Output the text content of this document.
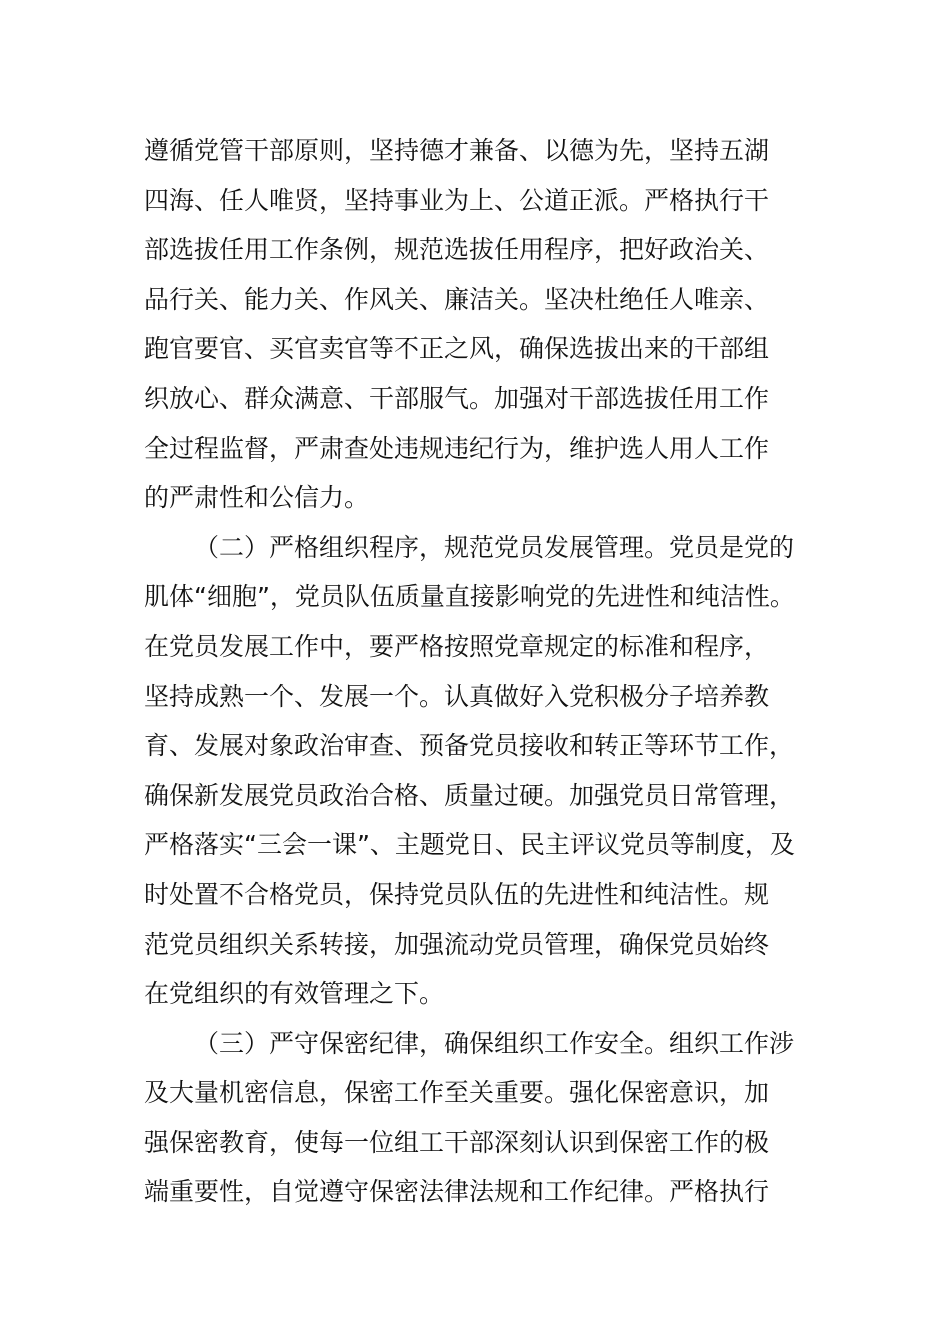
遵循党管干部原则，坚持德才兼备、以德为先，坚持五湖
四海、任人唯贤，坚持事业为上、公道正派。严格执行干
部选拔任用工作条例，规范选拔任用程序，把好政治关、
品行关、能力关、作风关、廉洁关。坚决杜绝任人唯亲、
跑官要官、买官卖官等不正之风，确保选拔出来的干部组
织放心、群众满意、干部服气。加强对干部选拔任用工作
全过程监督，严肃查处违规违纪行为，维护选人用人工作
的严肃性和公信力。
（二）严格组织程序，规范党员发展管理。党员是党的
肌体“细胞”，党员队伍质量直接影响党的先进性和纯洁性。
在党员发展工作中，要严格按照党章规定的标准和程序，
坚持成熟一个、发展一个。认真做好入党积极分子培养教
育、发展对象政治审查、预备党员接收和转正等环节工作，
确保新发展党员政治合格、质量过硬。加强党员日常管理，
严格落实“三会一课”、主题党日、民主评议党员等制度，及
时处置不合格党员，保持党员队伍的先进性和纯洁性。规
范党员组织关系转接，加强流动党员管理，确保党员始终
在党组织的有效管理之下。
（三）严守保密纪律，确保组织工作安全。组织工作涉
及大量机密信息，保密工作至关重要。强化保密意识，加
强保密教育，使每一位组工干部深刻认识到保密工作的极
端重要性，自觉遵守保密法律法规和工作纪律。严格执行
